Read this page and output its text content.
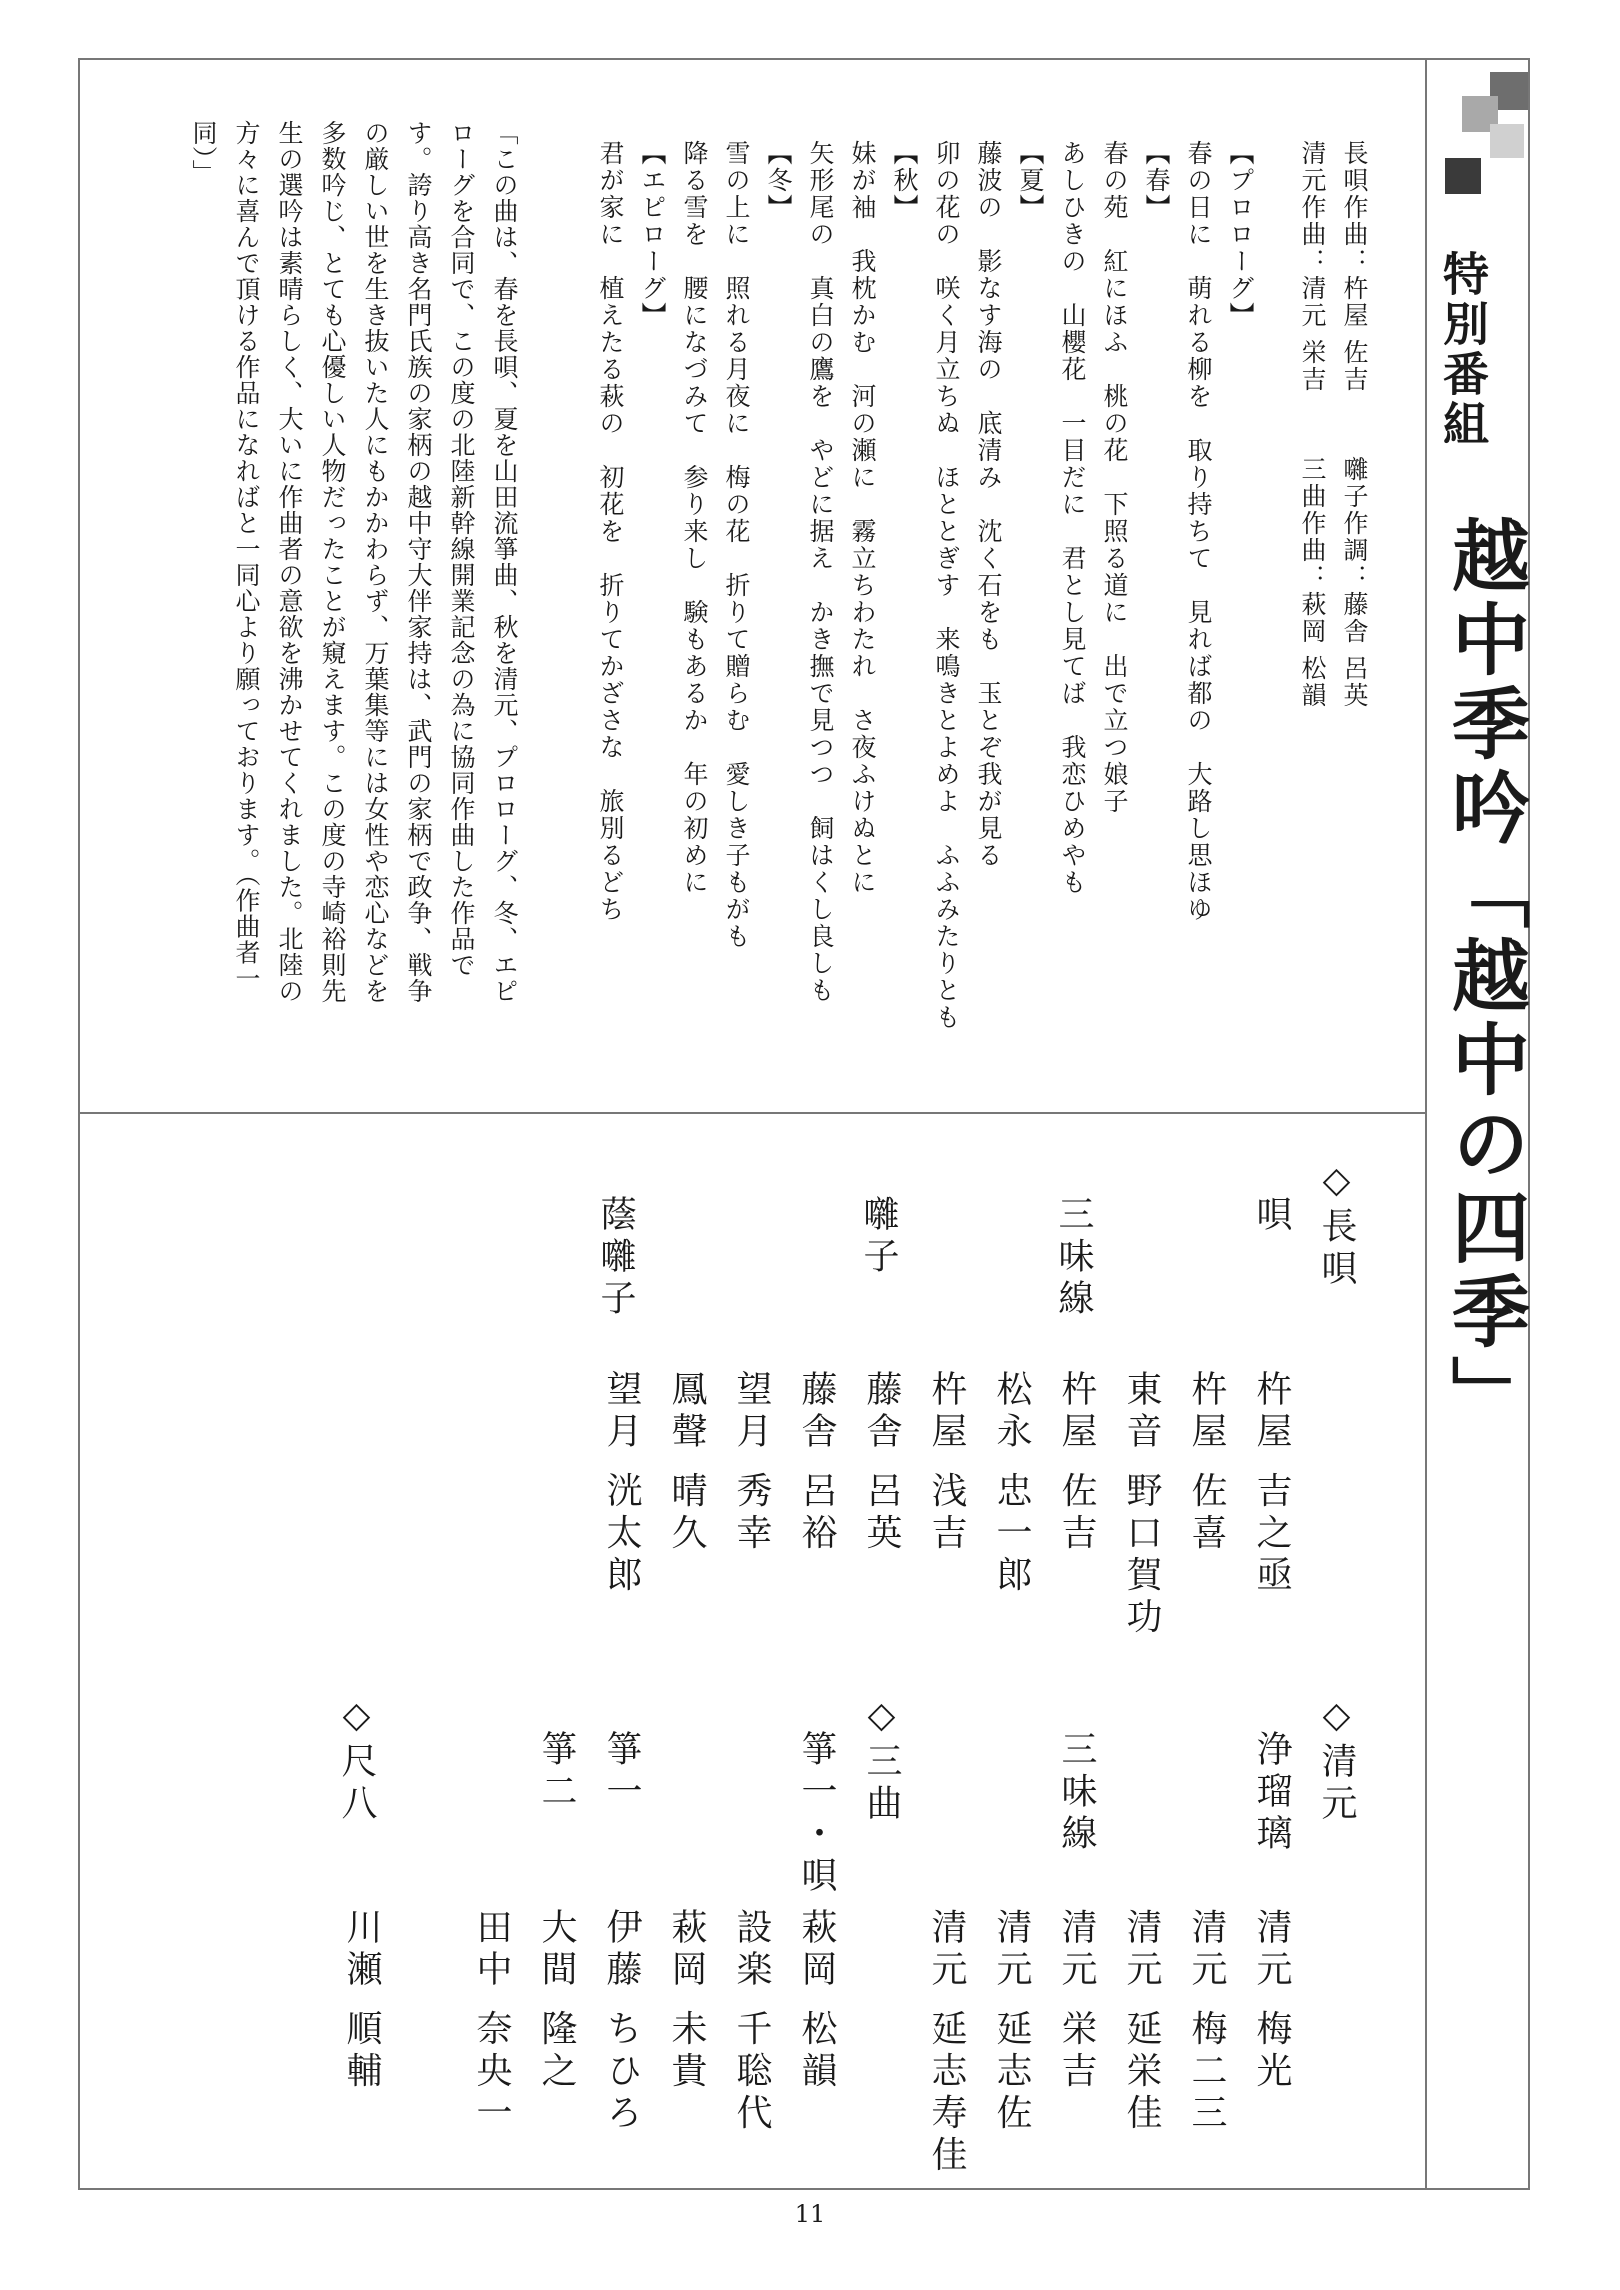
特別番組
越中季吟「越中の四季」
長唄作曲：杵屋 佐吉
清元作曲：清元 栄吉
囃子作調：藤舎 呂英
三曲作曲：萩岡 松韻
【プロローグ】
春の日に　萌れる柳を　取り持ちて　見れば都の　大路し思ほゆ
【春】
春の苑　紅にほふ　桃の花　下照る道に　出で立つ娘子
あしひきの　山櫻花　一目だに　君とし見てば　我恋ひめやも
【夏】
藤波の　影なす海の　底清み　沈く石をも　玉とぞ我が見る
卯の花の　咲く月立ちぬ　ほととぎす　来鳴きとよめよ　ふふみたりとも
【秋】
妹が袖　我枕かむ　河の瀬に　霧立ちわたれ　さ夜ふけぬとに
矢形尾の　真白の鷹を　やどに据え　かき撫で見つつ　飼はくし良しも
【冬】
雪の上に　照れる月夜に　梅の花　折りて贈らむ　愛しき子もがも
降る雪を　腰になづみて　参り来し　験もあるか　年の初めに
【エピローグ】
君が家に　植えたる萩の　初花を　折りてかざさな　旅別るどち
「この曲は、春を長唄、夏を山田流箏曲、秋を清元、プロローグ、冬、エピ
ローグを合同で、この度の北陸新幹線開業記念の為に協同作曲した作品で
す。誇り高き名門氏族の家柄の越中守大伴家持は、武門の家柄で政争、戦争
の厳しい世を生き抜いた人にもかかわらず、万葉集等には女性や恋心などを
多数吟じ、とても心優しい人物だったことが窺えます。この度の寺崎裕則先
生の選吟は素晴らしく、大いに作曲者の意欲を沸かせてくれました。北陸の
方々に喜んで頂ける作品になればと一同心より願っております。（作曲者一
同）」
◇長唄
唄
三味線
囃子
蔭囃子
杵屋 吉之亟
杵屋 佐喜
東音 野口賀功
杵屋 佐吉
松永 忠一郎
杵屋 浅吉
藤舎 呂英
藤舎 呂裕
望月 秀幸
鳳聲 晴久
望月 洸太郎
◇清元
浄瑠璃
三味線
清元 梅光
清元 梅二三
清元 延栄佳
清元 栄吉
清元 延志佐
清元 延志寿佳
◇三曲
箏一・唄
箏一
箏二
萩岡 松韻
設楽 千聡代
萩岡 未貴
伊藤 ちひろ
大間 隆之
田中 奈央一
◇尺八
川瀬 順輔
11
